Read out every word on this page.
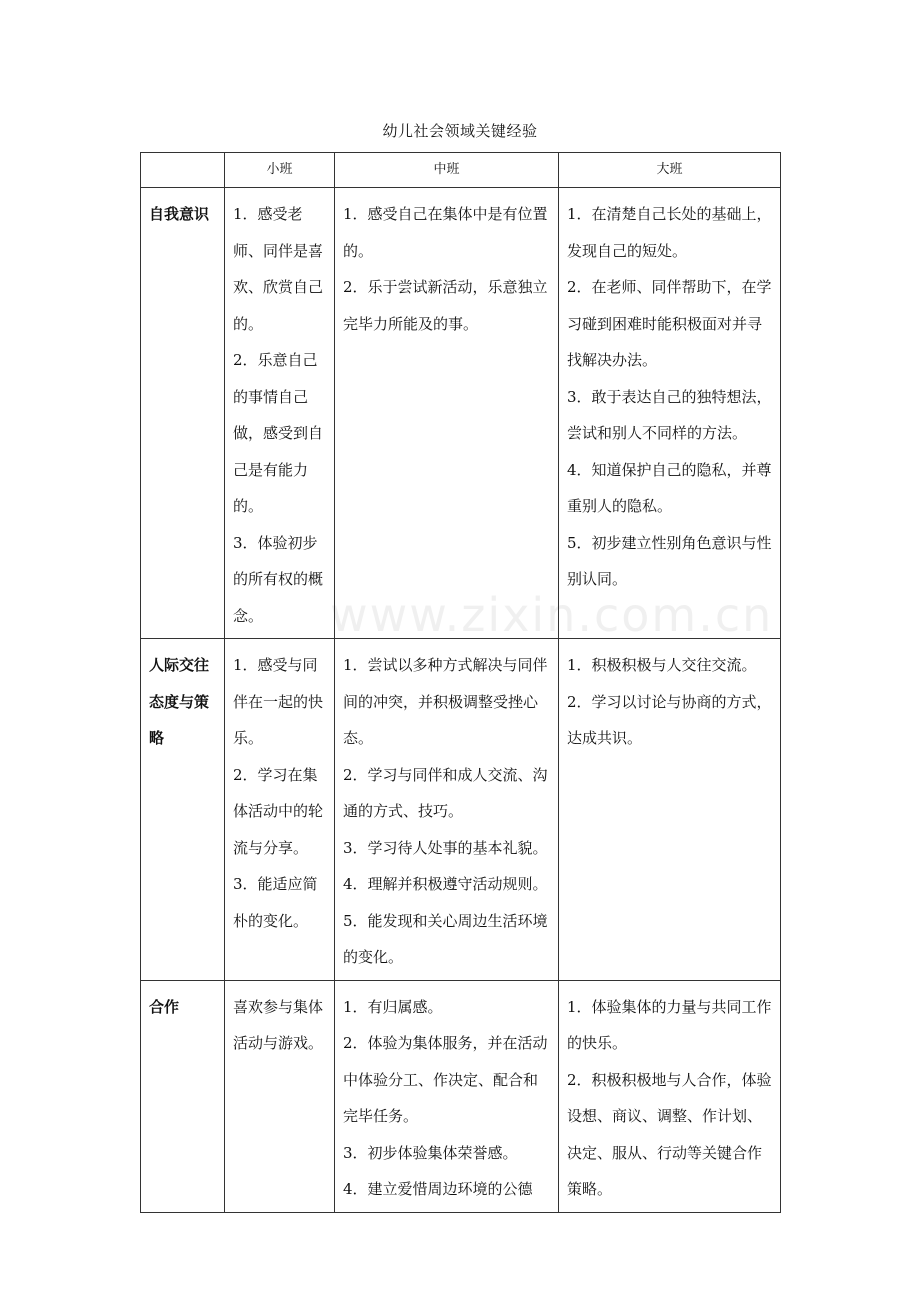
幼儿社会领域关键经验
www.zixin.com.cn
	小班	中班	大班
自我意识	1．感受老师、同伴是喜欢、欣赏自己的。
2．乐意自己的事情自己做，感受到自己是有能力的。
3．体验初步的所有权的概念。	1．感受自己在集体中是有位置的。
2．乐于尝试新活动，乐意独立完毕力所能及的事。	1．在清楚自己长处的基础上，发现自己的短处。
2．在老师、同伴帮助下，在学习碰到困难时能积极面对并寻找解决办法。
3．敢于表达自己的独特想法，尝试和别人不同样的方法。
4．知道保护自己的隐私，并尊重别人的隐私。
5．初步建立性别角色意识与性别认同。

人际交往态度与策略	1．感受与同伴在一起的快乐。
2．学习在集体活动中的轮流与分享。
3．能适应简朴的变化。	1．尝试以多种方式解决与同伴间的冲突，并积极调整受挫心态。
2．学习与同伴和成人交流、沟通的方式、技巧。
3．学习待人处事的基本礼貌。
4．理解并积极遵守活动规则。
5．能发现和关心周边生活环境的变化。	1．积极积极与人交往交流。
2．学习以讨论与协商的方式，达成共识。

合作	喜欢参与集体活动与游戏。	1．有归属感。
2．体验为集体服务，并在活动中体验分工、作决定、配合和完毕任务。
3．初步体验集体荣誉感。
4．建立爱惜周边环境的公德	1．体验集体的力量与共同工作的快乐。
2．积极积极地与人合作，体验设想、商议、调整、作计划、决定、服从、行动等关键合作策略。
